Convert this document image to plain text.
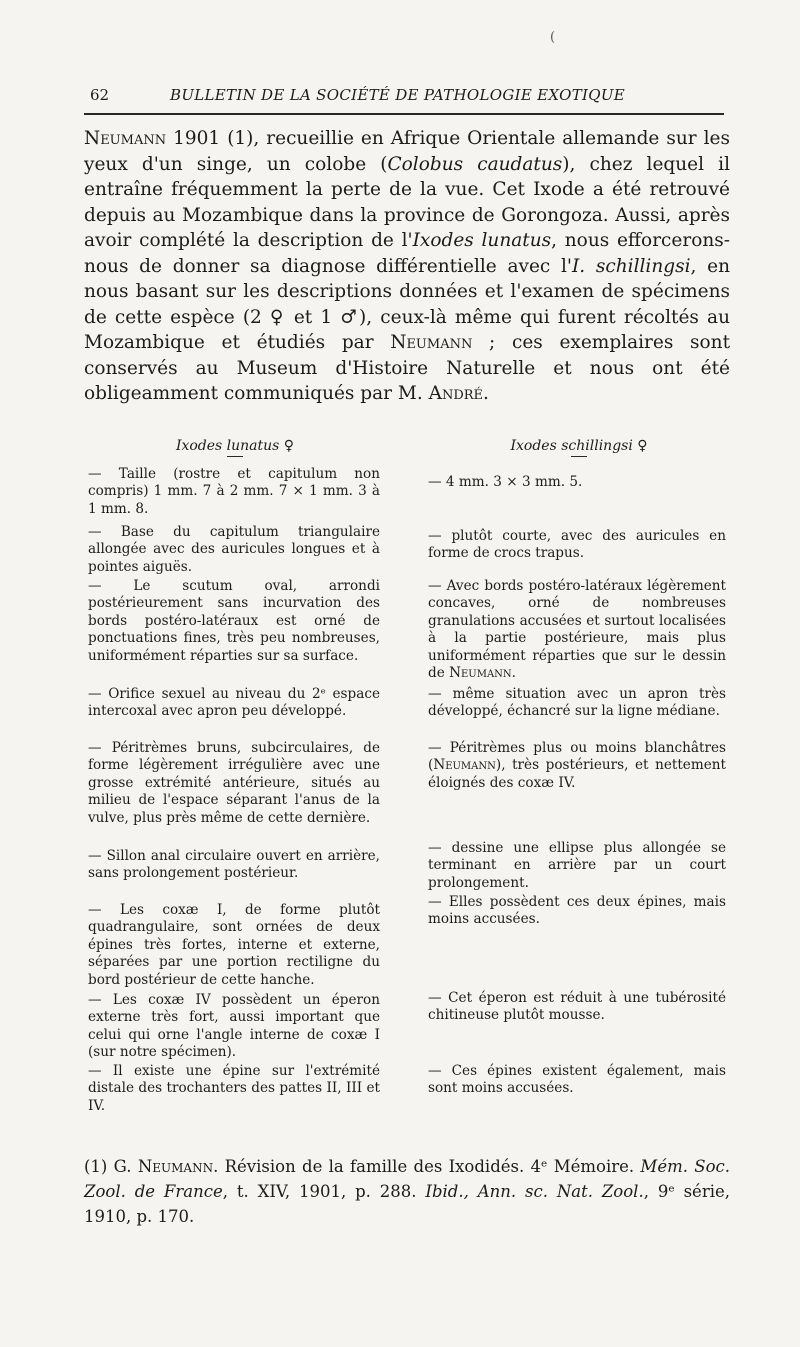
(
62	BULLETIN DE LA SOCIÉTÉ DE PATHOLOGIE EXOTIQUE

Neumann 1901 (1), recueillie en Afrique Orientale allemande sur les yeux d'un singe, un colobe (Colobus caudatus), chez lequel il entraîne fréquemment la perte de la vue. Cet Ixode a été retrouvé depuis au Mozambique dans la province de Gorongoza. Aussi, après avoir complété la description de l'Ixodes lunatus, nous efforcerons-nous de donner sa diagnose différentielle avec l'I. schillingsi, en nous basant sur les descriptions données et l'examen de spécimens de cette espèce (2 ♀ et 1 ♂), ceux-là même qui furent récoltés au Mozambique et étudiés par Neumann ; ces exemplaires sont conservés au Museum d'Histoire Naturelle et nous ont été obligeamment communiqués par M. André.

Ixodes lunatus ♀	Ixodes schillingsi ♀

— Taille (rostre et capitulum non compris) 1 mm. 7 à 2 mm. 7 × 1 mm. 3 à 1 mm. 8.

— Base du capitulum triangulaire allongée avec des auricules longues et à pointes aiguës.

— Le scutum oval, arrondi postérieurement sans incurvation des bords postéro-latéraux est orné de ponctuations fines, très peu nombreuses, uniformément réparties sur sa surface.

— Orifice sexuel au niveau du 2ᵉ espace intercoxal avec apron peu développé.

— Péritrèmes bruns, subcirculaires, de forme légèrement irrégulière avec une grosse extrémité antérieure, situés au milieu de l'espace séparant l'anus de la vulve, plus près même de cette dernière.

— Sillon anal circulaire ouvert en arrière, sans prolongement postérieur.

— Les coxæ I, de forme plutôt quadrangulaire, sont ornées de deux épines très fortes, interne et externe, séparées par une portion rectiligne du bord postérieur de cette hanche.

— Les coxæ IV possèdent un éperon externe très fort, aussi important que celui qui orne l'angle interne de coxæ I (sur notre spécimen).

— Il existe une épine sur l'extrémité distale des trochanters des pattes II, III et IV.

— 4 mm. 3 × 3 mm. 5.

— plutôt courte, avec des auricules en forme de crocs trapus.

— Avec bords postéro-latéraux légèrement concaves, orné de nombreuses granulations accusées et surtout localisées à la partie postérieure, mais plus uniformément réparties que sur le dessin de Neumann.

— même situation avec un apron très développé, échancré sur la ligne médiane.

— Péritrèmes plus ou moins blanchâtres (Neumann), très postérieurs, et nettement éloignés des coxæ IV.

— dessine une ellipse plus allongée se terminant en arrière par un court prolongement.

— Elles possèdent ces deux épines, mais moins accusées.

— Cet éperon est réduit à une tubérosité chitineuse plutôt mousse.

— Ces épines existent également, mais sont moins accusées.

(1) G. Neumann. Révision de la famille des Ixodidés. 4ᵉ Mémoire. Mém. Soc. Zool. de France, t. XIV, 1901, p. 288. Ibid., Ann. sc. Nat. Zool., 9ᵉ série, 1910, p. 170.
